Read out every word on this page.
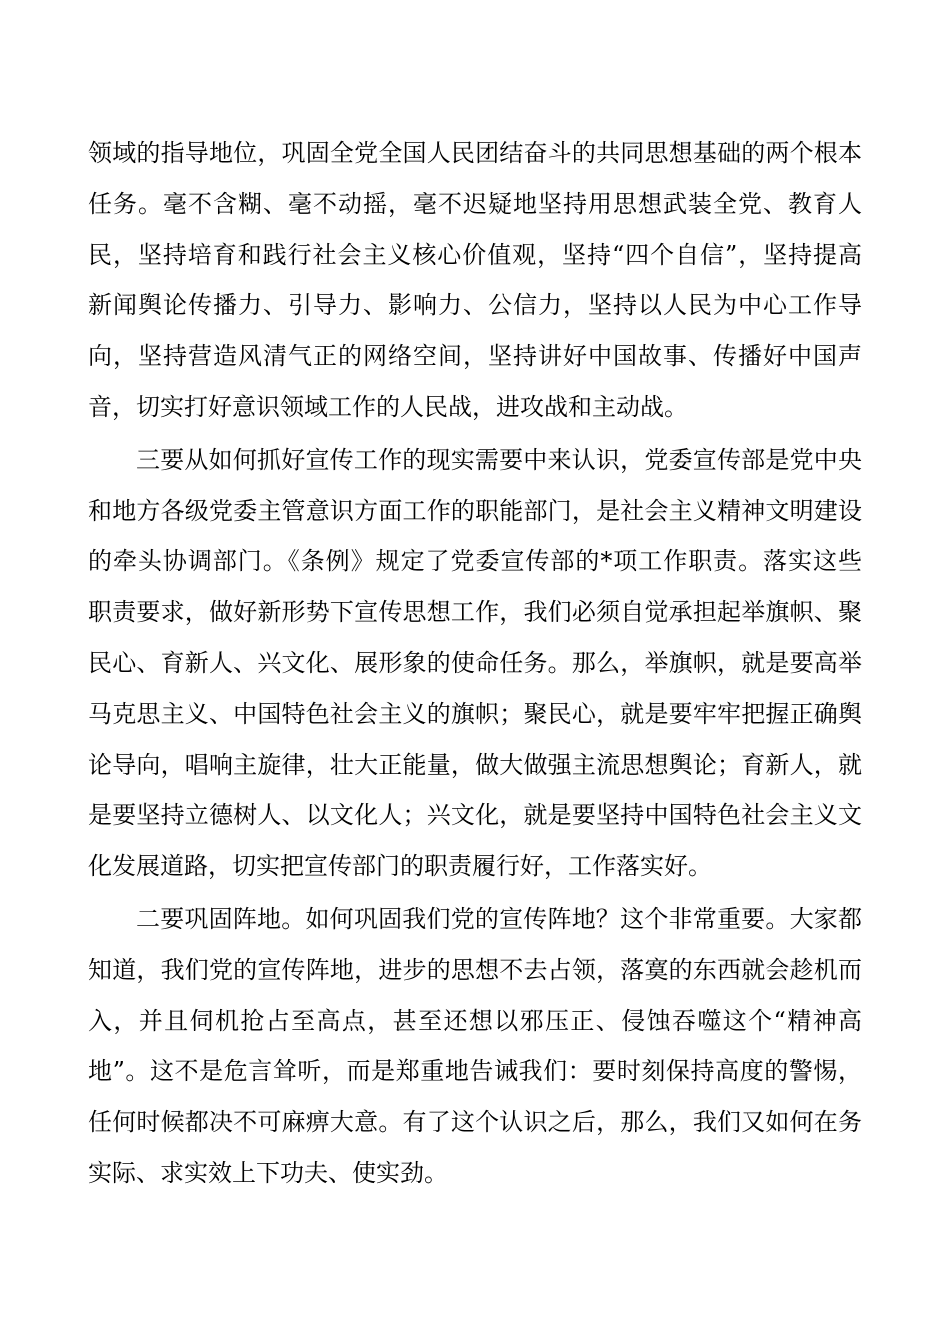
领域的指导地位，巩固全党全国人民团结奋斗的共同思想基础的两个根本
任务。毫不含糊、毫不动摇，毫不迟疑地坚持用思想武装全党、教育人
民，坚持培育和践行社会主义核心价值观，坚持“四个自信”，坚持提高
新闻舆论传播力、引导力、影响力、公信力，坚持以人民为中心工作导
向，坚持营造风清气正的网络空间，坚持讲好中国故事、传播好中国声
音，切实打好意识领域工作的人民战，进攻战和主动战。
三要从如何抓好宣传工作的现实需要中来认识，党委宣传部是党中央
和地方各级党委主管意识方面工作的职能部门，是社会主义精神文明建设
的牵头协调部门。《条例》规定了党委宣传部的*项工作职责。落实这些
职责要求，做好新形势下宣传思想工作，我们必须自觉承担起举旗帜、聚
民心、育新人、兴文化、展形象的使命任务。那么，举旗帜，就是要高举
马克思主义、中国特色社会主义的旗帜；聚民心，就是要牢牢把握正确舆
论导向，唱响主旋律，壮大正能量，做大做强主流思想舆论；育新人，就
是要坚持立德树人、以文化人；兴文化，就是要坚持中国特色社会主义文
化发展道路，切实把宣传部门的职责履行好，工作落实好。
二要巩固阵地。如何巩固我们党的宣传阵地？这个非常重要。大家都
知道，我们党的宣传阵地，进步的思想不去占领，落寞的东西就会趁机而
入，并且伺机抢占至高点，甚至还想以邪压正、侵蚀吞噬这个“精神高
地”。这不是危言耸听，而是郑重地告诫我们：要时刻保持高度的警惕，
任何时候都决不可麻痹大意。有了这个认识之后，那么，我们又如何在务
实际、求实效上下功夫、使实劲。
